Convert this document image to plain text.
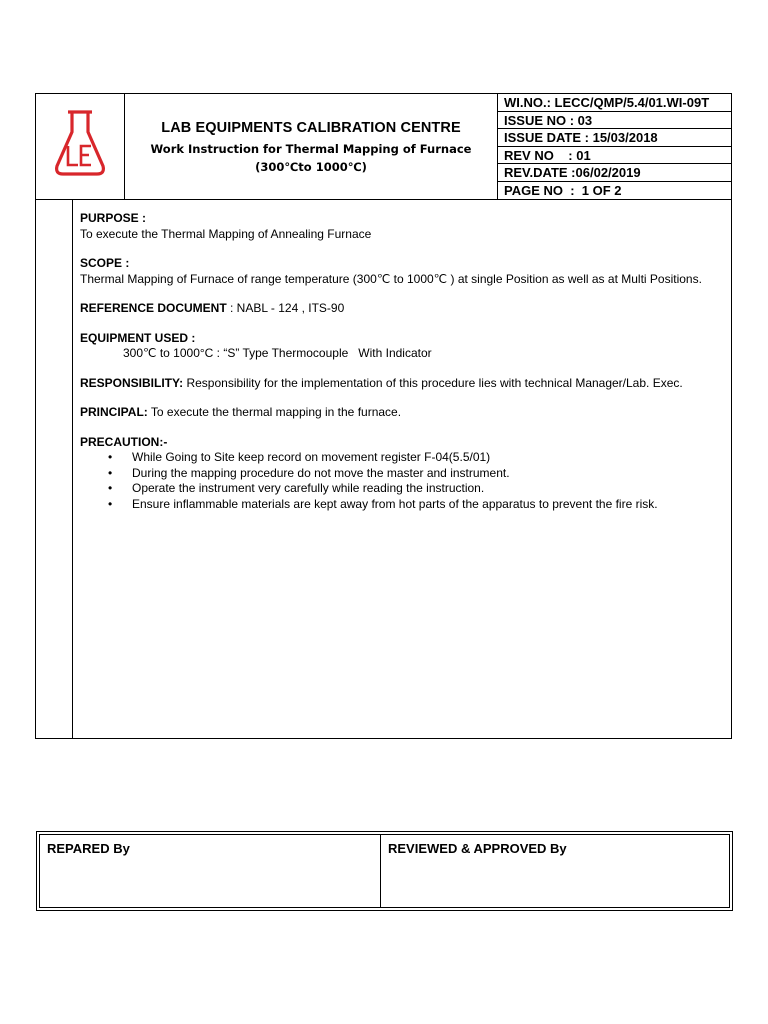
LAB EQUIPMENTS CALIBRATION CENTRE
Work Instruction for Thermal Mapping of Furnace
(300℃to 1000℃)
WI.NO.: LECC/QMP/5.4/01.WI-09T
ISSUE NO : 03
ISSUE DATE : 15/03/2018
REV NO    : 01
REV.DATE :06/02/2019
PAGE NO  :  1 OF 2
PURPOSE :
To execute the Thermal Mapping of Annealing Furnace
SCOPE :
Thermal Mapping of Furnace of range temperature (300℃ to 1000℃ ) at single Position as well as at Multi Positions.
REFERENCE DOCUMENT : NABL - 124 , ITS-90
EQUIPMENT USED :
300℃ to 1000°C : “S” Type Thermocouple   With Indicator
RESPONSIBILITY: Responsibility for the implementation of this procedure lies with technical Manager/Lab. Exec.
PRINCIPAL: To execute the thermal mapping in the furnace.
PRECAUTION:-
• While Going to Site keep record on movement register F-04(5.5/01)
• During the mapping procedure do not move the master and instrument.
• Operate the instrument very carefully while reading the instruction.
• Ensure inflammable materials are kept away from hot parts of the apparatus to prevent the fire risk.
REPARED By	REVIEWED & APPROVED By
